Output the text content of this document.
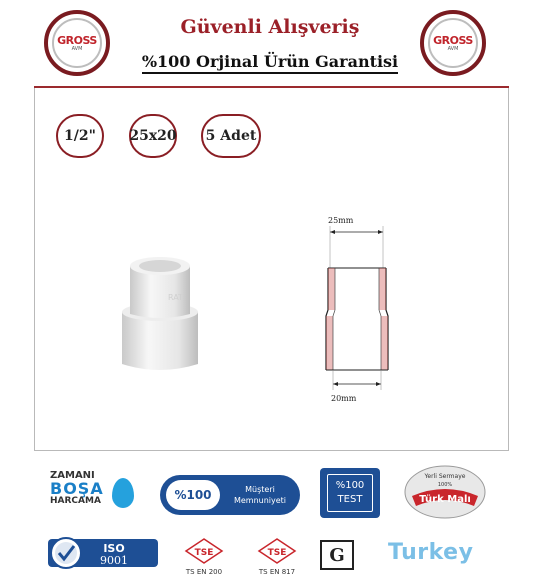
GROSS
AVM
Güvenli Alışveriş
%100 Orjinal Ürün Garantisi
GROSS
AVM
1/2"	25x20	5 Adet
RAT
25mm
20mm
ZAMANI
BOŞA
HARCAMA	%100	Müşteri
Memnuniyeti
%100
TEST
Yerli Sermaye
100%
Türk Malı
ISO
9001
TSE
TS EN 200
TSE
TS EN 817
G	Turkey
